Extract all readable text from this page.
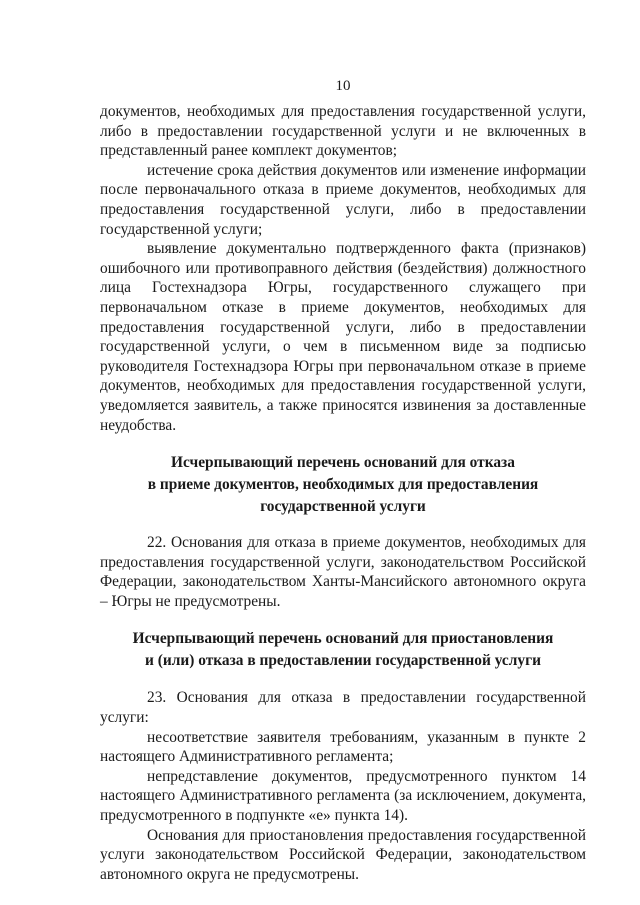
10

документов, необходимых для предоставления государственной услуги, либо в предоставлении государственной услуги и не включенных в представленный ранее комплект документов;

истечение срока действия документов или изменение информации после первоначального отказа в приеме документов, необходимых для предоставления государственной услуги, либо в предоставлении государственной услуги;

выявление документально подтвержденного факта (признаков) ошибочного или противоправного действия (бездействия) должностного лица Гостехнадзора Югры, государственного служащего при первоначальном отказе в приеме документов, необходимых для предоставления государственной услуги, либо в предоставлении государственной услуги, о чем в письменном виде за подписью руководителя Гостехнадзора Югры при первоначальном отказе в приеме документов, необходимых для предоставления государственной услуги, уведомляется заявитель, а также приносятся извинения за доставленные неудобства.

Исчерпывающий перечень оснований для отказа
в приеме документов, необходимых для предоставления
государственной услуги

22. Основания для отказа в приеме документов, необходимых для предоставления государственной услуги, законодательством Российской Федерации, законодательством Ханты-Мансийского автономного округа – Югры не предусмотрены.

Исчерпывающий перечень оснований для приостановления
и (или) отказа в предоставлении государственной услуги

23. Основания для отказа в предоставлении государственной услуги:

несоответствие заявителя требованиям, указанным в пункте 2 настоящего Административного регламента;

непредставление документов, предусмотренного пунктом 14 настоящего Административного регламента (за исключением, документа, предусмотренного в подпункте «е» пункта 14).

Основания для приостановления предоставления государственной услуги законодательством Российской Федерации, законодательством автономного округа не предусмотрены.
